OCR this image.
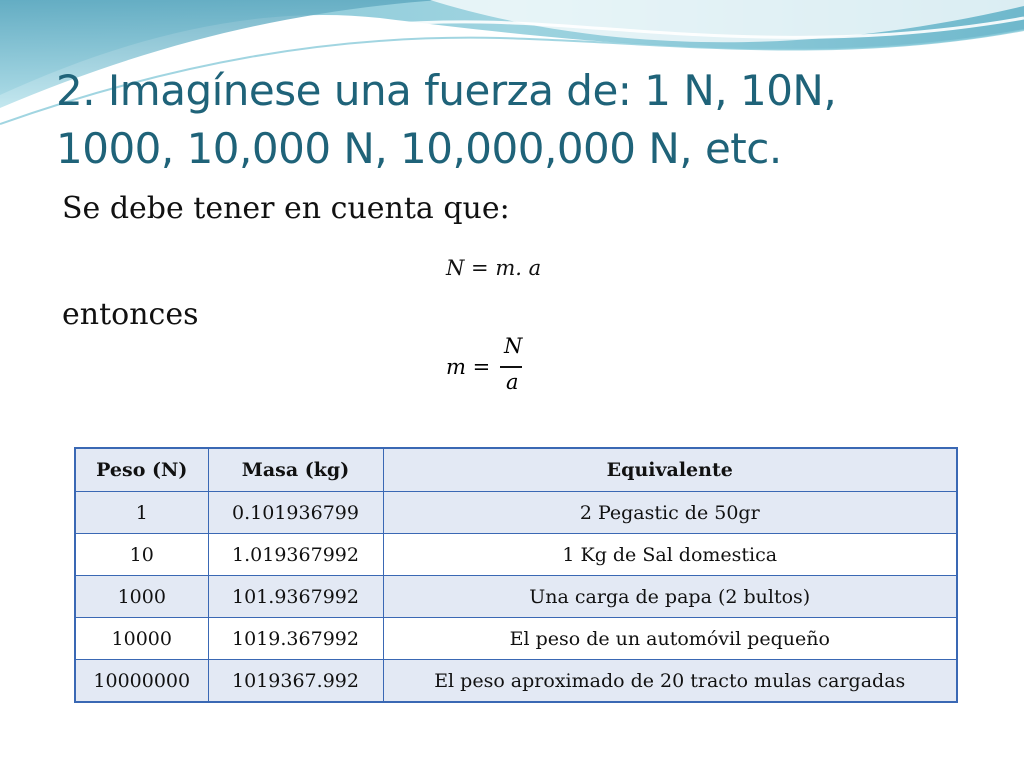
2. Imagínese una fuerza de: 1 N, 10N,
1000, 10,000 N, 10,000,000 N, etc.
Se debe tener en cuenta que:
N = m. a
entonces
m =
N
a
Peso (N)	Masa (kg)	Equivalente
1	0.101936799	2 Pegastic de 50gr
10	1.019367992	1 Kg de Sal domestica
1000	101.9367992	Una carga de papa (2 bultos)
10000	1019.367992	El peso de un automóvil pequeño
10000000	1019367.992	El peso aproximado de 20 tracto mulas cargadas
